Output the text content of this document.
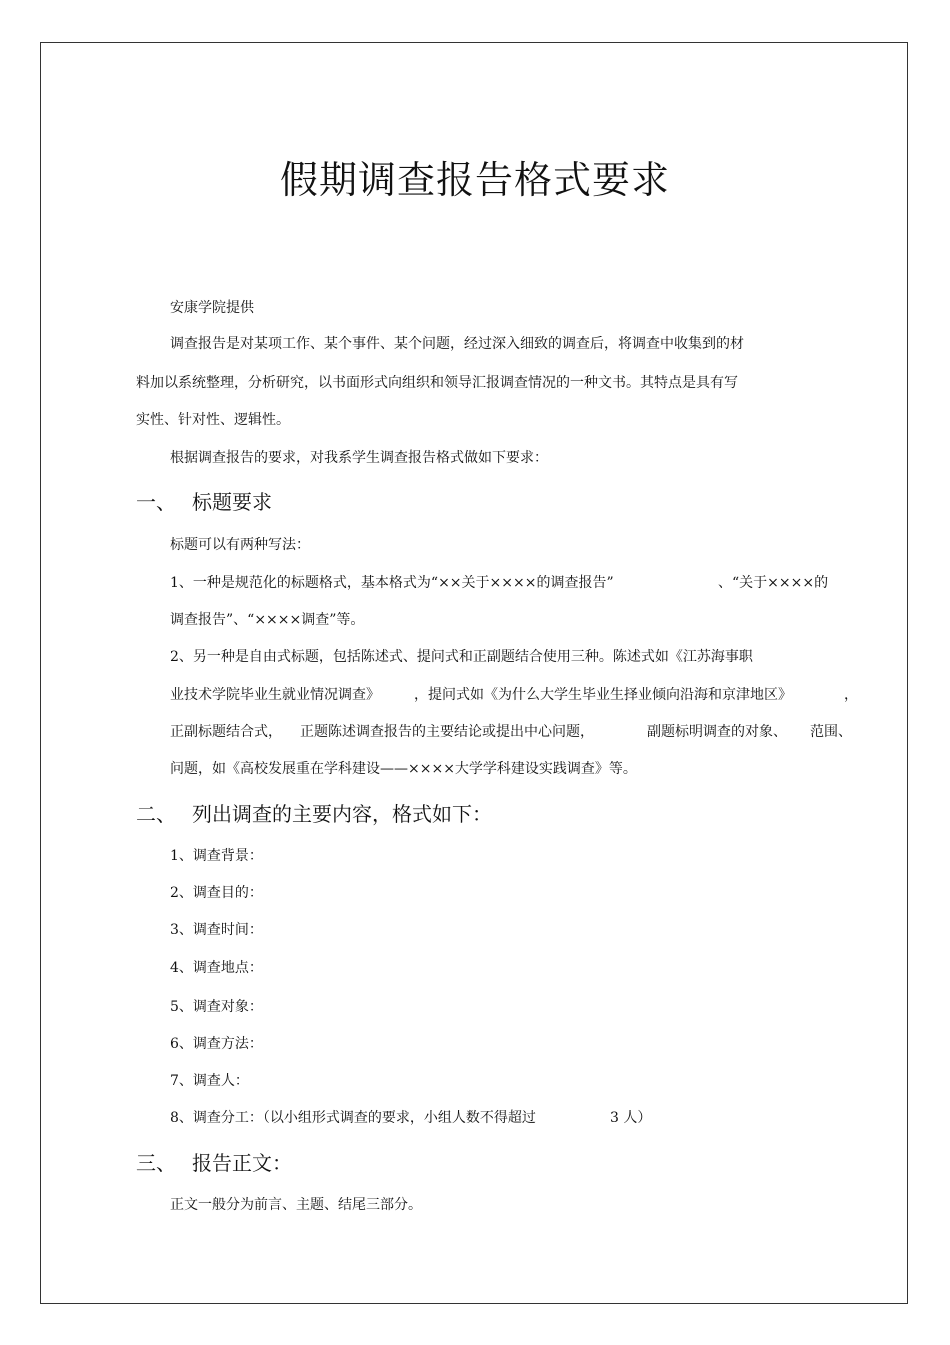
假期调查报告格式要求
安康学院提供
调查报告是对某项工作、某个事件、某个问题，经过深入细致的调查后，将调查中收集到的材
料加以系统整理，分析研究，以书面形式向组织和领导汇报调查情况的一种文书。其特点是具有写
实性、针对性、逻辑性。
根据调查报告的要求，对我系学生调查报告格式做如下要求：
一、 标题要求
标题可以有两种写法：
1、一种是规范化的标题格式，基本格式为“××关于××××的调查报告”	、“关于××××的
调查报告”、“××××调查”等。
2、另一种是自由式标题，包括陈述式、提问式和正副题结合使用三种。陈述式如《江苏海事职
业技术学院毕业生就业情况调查》 ，提问式如《为什么大学生毕业生择业倾向沿海和京津地区》	，
正副标题结合式， 正题陈述调查报告的主要结论或提出中心问题，	副题标明调查的对象、 范围、
问题，如《高校发展重在学科建设——××××大学学科建设实践调查》等。
二、 列出调查的主要内容，格式如下：
1、调查背景：
2、调查目的：
3、调查时间：
4、调查地点：
5、调查对象：
6、调查方法：
7、调查人：
8、调查分工：（以小组形式调查的要求，小组人数不得超过	3 人）
三、 报告正文：
正文一般分为前言、主题、结尾三部分。
